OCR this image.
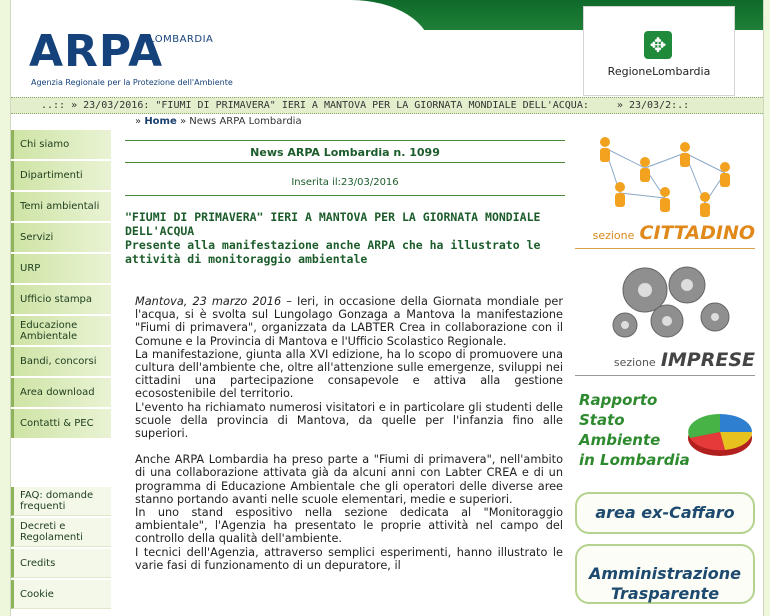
ARPA
LOMBARDIA
Agenzia Regionale per la Protezione dell'Ambiente
✥
RegioneLombardia
..:: » 23/03/2016: "FIUMI DI PRIMAVERA" IERI A MANTOVA PER LA GIORNATA MONDIALE DELL'ACQUA:	» 23/03/2:.:
» Home » News ARPA Lombardia
Chi siamo
Dipartimenti
Temi ambientali
Servizi
URP
Ufficio stampa
Educazione Ambientale
Bandi, concorsi
Area download
Contatti & PEC
FAQ: domande frequenti
Decreti e Regolamenti
Credits
Cookie
News ARPA Lombardia n. 1099
Inserita il:23/03/2016
"FIUMI DI PRIMAVERA" IERI A MANTOVA PER LA GIORNATA MONDIALE DELL'ACQUA
Presente alla manifestazione anche ARPA che ha illustrato le attività di monitoraggio ambientale

Mantova, 23 marzo 2016 – Ieri, in occasione della Giornata mondiale per l'acqua, si è svolta sul Lungolago Gonzaga a Mantova la manifestazione "Fiumi di primavera", organizzata da LABTER Crea in collaborazione con il Comune e la Provincia di Mantova e l'Ufficio Scolastico Regionale.

La manifestazione, giunta alla XVI edizione, ha lo scopo di promuovere una cultura dell'ambiente che, oltre all'attenzione sulle emergenze, sviluppi nei cittadini una partecipazione consapevole e attiva alla gestione ecosostenibile del territorio.

L'evento ha richiamato numerosi visitatori e in particolare gli studenti delle scuole della provincia di Mantova, da quelle per l'infanzia fino alle superiori.

Anche ARPA Lombardia ha preso parte a "Fiumi di primavera", nell'ambito di una collaborazione attivata già da alcuni anni con Labter CREA e di un programma di Educazione Ambientale che gli operatori delle diverse aree stanno portando avanti nelle scuole elementari, medie e superiori.

In uno stand espositivo nella sezione dedicata al "Monitoraggio ambientale", l'Agenzia ha presentato le proprie attività nel campo del controllo della qualità dell'ambiente.

I tecnici dell'Agenzia, attraverso semplici esperimenti, hanno illustrato le varie fasi di funzionamento di un depuratore, il

sezione CITTADINO
sezione IMPRESE
Rapporto
Stato
Ambiente
in Lombardia
area ex-Caffaro
Amministrazione
Trasparente
